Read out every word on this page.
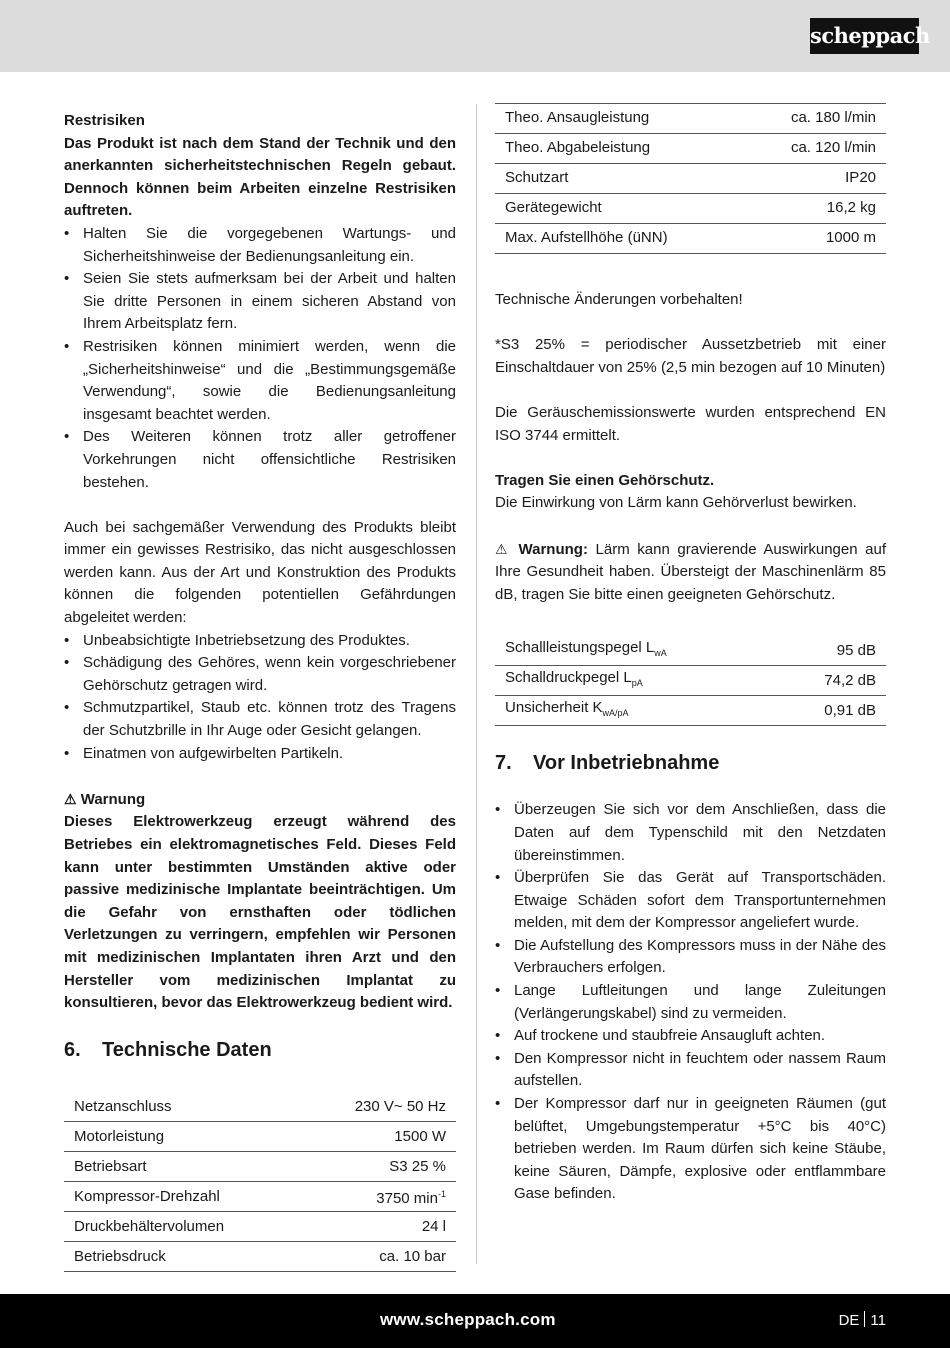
scheppach

Restrisiken

Das Produkt ist nach dem Stand der Technik und den anerkannten sicherheitstechnischen Regeln gebaut. Dennoch können beim Arbeiten einzelne Restrisiken auftreten.

• Halten Sie die vorgegebenen Wartungs- und Sicherheitshinweise der Bedienungsanleitung ein.
• Seien Sie stets aufmerksam bei der Arbeit und halten Sie dritte Personen in einem sicheren Abstand von Ihrem Arbeitsplatz fern.
• Restrisiken können minimiert werden, wenn die „Sicherheitshinweise“ und die „Bestimmungsgemäße Verwendung“, sowie die Bedienungsanleitung insgesamt beachtet werden.
• Des Weiteren können trotz aller getroffener Vorkehrungen nicht offensichtliche Restrisiken bestehen.

Auch bei sachgemäßer Verwendung des Produkts bleibt immer ein gewisses Restrisiko, das nicht ausgeschlossen werden kann. Aus der Art und Konstruktion des Produkts können die folgenden potentiellen Gefährdungen abgeleitet werden:

• Unbeabsichtigte Inbetriebsetzung des Produktes.
• Schädigung des Gehöres, wenn kein vorgeschriebener Gehörschutz getragen wird.
• Schmutzpartikel, Staub etc. können trotz des Tragens der Schutzbrille in Ihr Auge oder Gesicht gelangen.
• Einatmen von aufgewirbelten Partikeln.

⚠ Warnung

Dieses Elektrowerkzeug erzeugt während des Betriebes ein elektromagnetisches Feld. Dieses Feld kann unter bestimmten Umständen aktive oder passive medizinische Implantate beeinträchtigen. Um die Gefahr von ernsthaften oder tödlichen Verletzungen zu verringern, empfehlen wir Personen mit medizinischen Implantaten ihren Arzt und den Hersteller vom medizinischen Implantat zu konsultieren, bevor das Elektrowerkzeug bedient wird.

6. Technische Daten

Netzanschluss	230 V~ 50 Hz
Motorleistung	1500 W
Betriebsart	S3 25 %
Kompressor-Drehzahl	3750 $\min^{-1}$
Druckbehältervolumen	24 l
Betriebsdruck	ca. 10 bar
Theo. Ansaugleistung	ca. 180 l/min
Theo. Abgabeleistung	ca. 120 l/min
Schutzart	IP20
Gerätegewicht	16,2 kg
Max. Aufstellhöhe (üNN)	1000 m

Technische Änderungen vorbehalten!

*S3 25% = periodischer Aussetzbetrieb mit einer Einschaltdauer von 25% (2,5 min bezogen auf 10 Minuten)

Die Geräuschemissionswerte wurden entsprechend EN ISO 3744 ermittelt.

Tragen Sie einen Gehörschutz.

Die Einwirkung von Lärm kann Gehörverlust bewirken.

⚠ Warnung: Lärm kann gravierende Auswirkungen auf Ihre Gesundheit haben. Übersteigt der Maschinenlärm 85 dB, tragen Sie bitte einen geeigneten Gehörschutz.

Schallleistungspegel $L_{wA}$	95 dB
Schalldruckpegel $L_{pA}$	74,2 dB
Unsicherheit $K_{wA/pA}$	0,91 dB

7. Vor Inbetriebnahme

• Überzeugen Sie sich vor dem Anschließen, dass die Daten auf dem Typenschild mit den Netzdaten übereinstimmen.
• Überprüfen Sie das Gerät auf Transportschäden. Etwaige Schäden sofort dem Transportunternehmen melden, mit dem der Kompressor angeliefert wurde.
• Die Aufstellung des Kompressors muss in der Nähe des Verbrauchers erfolgen.
• Lange Luftleitungen und lange Zuleitungen (Verlängerungskabel) sind zu vermeiden.
• Auf trockene und staubfreie Ansaugluft achten.
• Den Kompressor nicht in feuchtem oder nassem Raum aufstellen.
• Der Kompressor darf nur in geeigneten Räumen (gut belüftet, Umgebungstemperatur +5°C bis 40°C) betrieben werden. Im Raum dürfen sich keine Stäube, keine Säuren, Dämpfe, explosive oder entflammbare Gase befinden.
www.scheppach.com	DE 11
